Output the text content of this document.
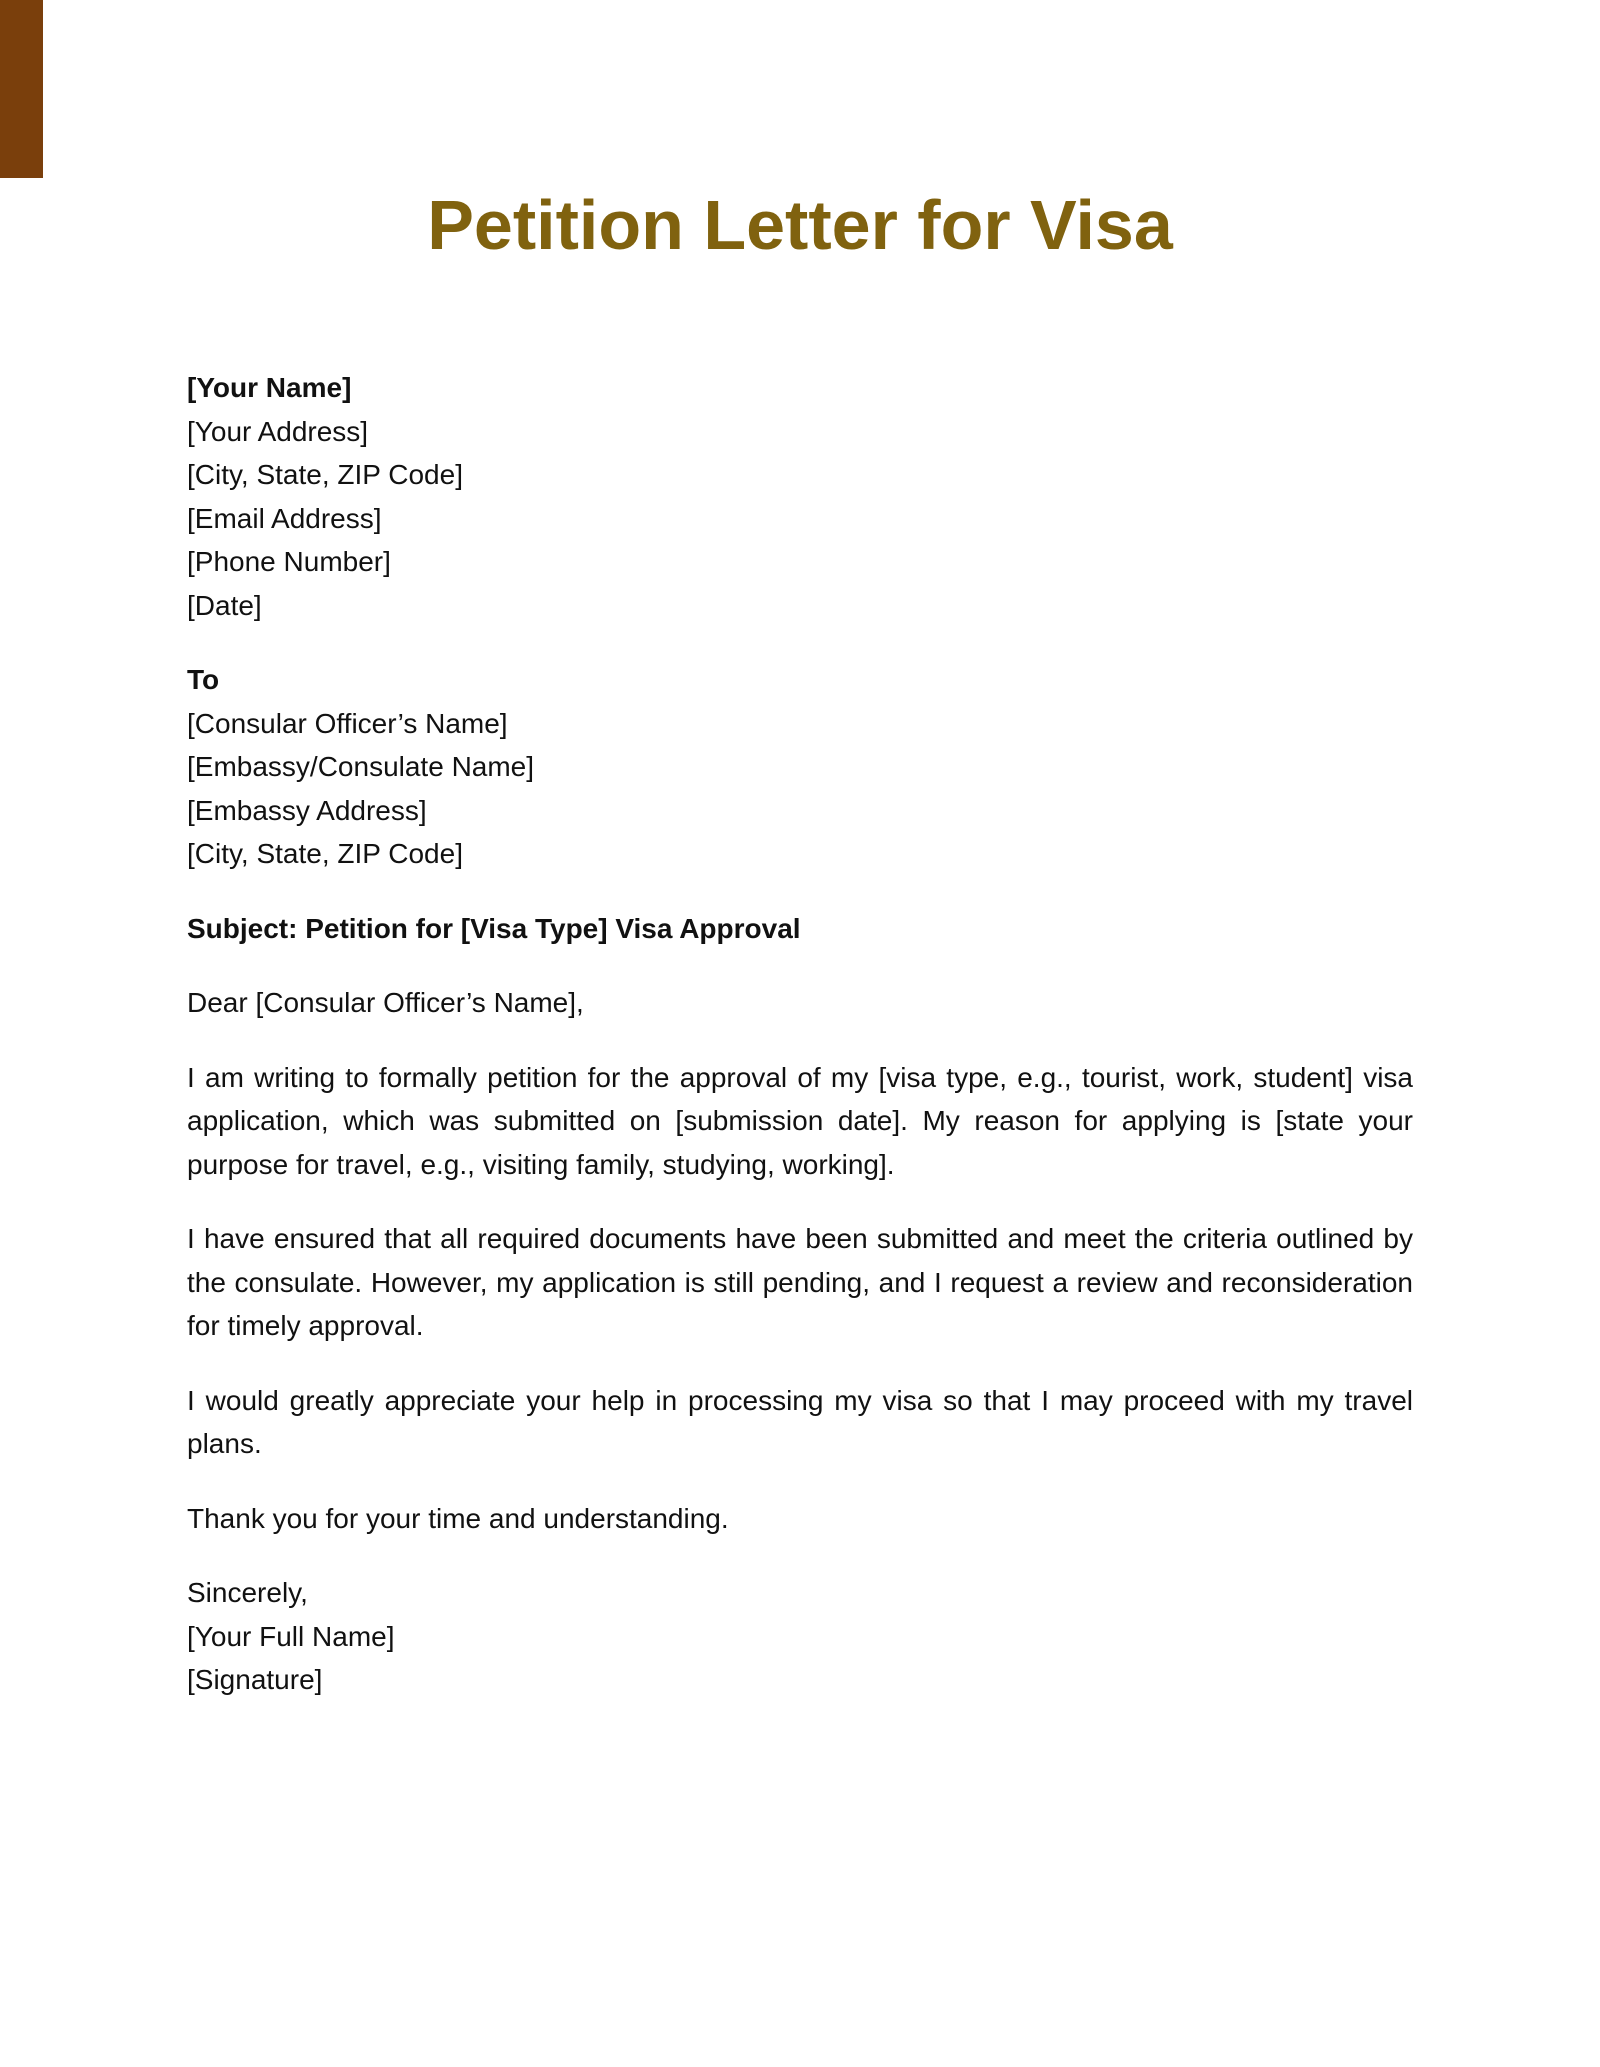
Petition Letter for Visa
[Your Name]
[Your Address]
[City, State, ZIP Code]
[Email Address]
[Phone Number]
[Date]
To
[Consular Officer’s Name]
[Embassy/Consulate Name]
[Embassy Address]
[City, State, ZIP Code]
Subject: Petition for [Visa Type] Visa Approval
Dear [Consular Officer’s Name],

I am writing to formally petition for the approval of my [visa type, e.g., tourist, work, student] visa application, which was submitted on [submission date]. My reason for applying is [state your purpose for travel, e.g., visiting family, studying, working].

I have ensured that all required documents have been submitted and meet the criteria outlined by the consulate. However, my application is still pending, and I request a review and reconsideration for timely approval.

I would greatly appreciate your help in processing my visa so that I may proceed with my travel plans.

Thank you for your time and understanding.

Sincerely,
[Your Full Name]
[Signature]
